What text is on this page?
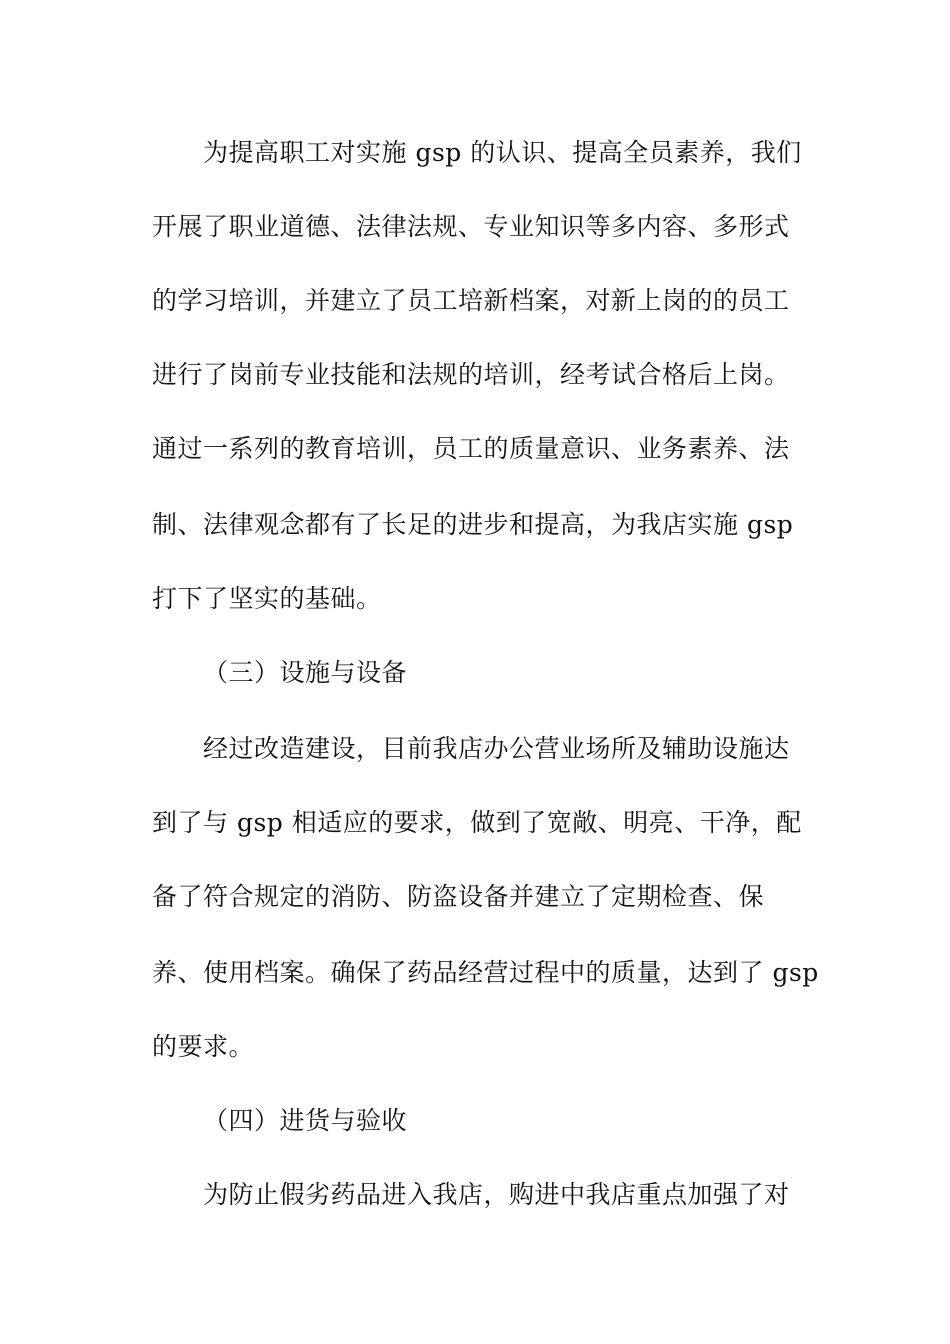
为提高职工对实施 gsp 的认识、提高全员素养，我们
开展了职业道德、法律法规、专业知识等多内容、多形式
的学习培训，并建立了员工培新档案，对新上岗的的员工
进行了岗前专业技能和法规的培训，经考试合格后上岗。
通过一系列的教育培训，员工的质量意识、业务素养、法
制、法律观念都有了长足的进步和提高，为我店实施 gsp
打下了坚实的基础。
（三）设施与设备
经过改造建设，目前我店办公营业场所及辅助设施达
到了与 gsp 相适应的要求，做到了宽敞、明亮、干净，配
备了符合规定的消防、防盗设备并建立了定期检查、保
养、使用档案。确保了药品经营过程中的质量，达到了 gsp
的要求。
（四）进货与验收
为防止假劣药品进入我店，购进中我店重点加强了对
